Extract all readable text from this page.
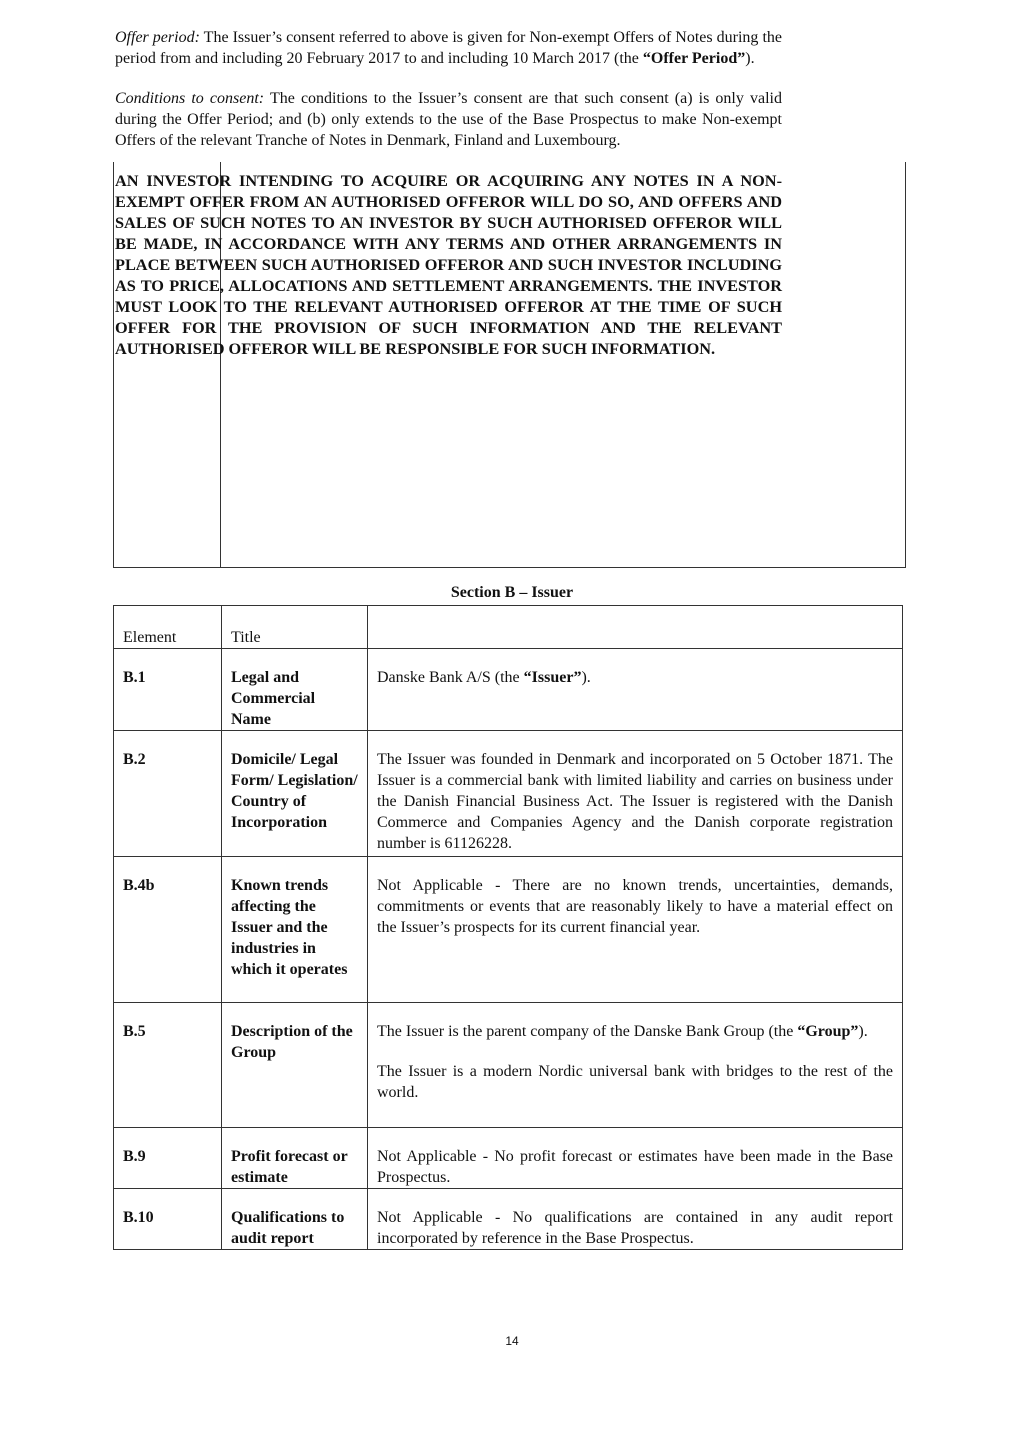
Offer period: The Issuer’s consent referred to above is given for Non-exempt Offers of Notes during the period from and including 20 February 2017 to and including 10 March 2017 (the “Offer Period”).

Conditions to consent: The conditions to the Issuer’s consent are that such consent (a) is only valid during the Offer Period; and (b) only extends to the use of the Base Prospectus to make Non-exempt Offers of the relevant Tranche of Notes in Denmark, Finland and Luxembourg.

AN INVESTOR INTENDING TO ACQUIRE OR ACQUIRING ANY NOTES IN A NON-EXEMPT OFFER FROM AN AUTHORISED OFFEROR WILL DO SO, AND OFFERS AND SALES OF SUCH NOTES TO AN INVESTOR BY SUCH AUTHORISED OFFEROR WILL BE MADE, IN ACCORDANCE WITH ANY TERMS AND OTHER ARRANGEMENTS IN PLACE BETWEEN SUCH AUTHORISED OFFEROR AND SUCH INVESTOR INCLUDING AS TO PRICE, ALLOCATIONS AND SETTLEMENT ARRANGEMENTS. THE INVESTOR MUST LOOK TO THE RELEVANT AUTHORISED OFFEROR AT THE TIME OF SUCH OFFER FOR THE PROVISION OF SUCH INFORMATION AND THE RELEVANT AUTHORISED OFFEROR WILL BE RESPONSIBLE FOR SUCH INFORMATION.

Section B – Issuer
Element	Title	
B.1	Legal and Commercial Name	Danske Bank A/S (the “Issuer”).
B.2	Domicile/ Legal Form/ Legislation/ Country of Incorporation	The Issuer was founded in Denmark and incorporated on 5 October 1871. The Issuer is a commercial bank with limited liability and carries on business under the Danish Financial Business Act. The Issuer is registered with the Danish Commerce and Companies Agency and the Danish corporate registration number is 61126228.
B.4b	Known trends affecting the Issuer and the industries in which it operates	Not Applicable - There are no known trends, uncertainties, demands, commitments or events that are reasonably likely to have a material effect on the Issuer’s prospects for its current financial year.
B.5	Description of the Group	The Issuer is the parent company of the Danske Bank Group (the “Group”).

The Issuer is a modern Nordic universal bank with bridges to the rest of the world.

B.9	Profit forecast or estimate	Not Applicable - No profit forecast or estimates have been made in the Base Prospectus.
B.10	Qualifications to audit report	Not Applicable - No qualifications are contained in any audit report incorporated by reference in the Base Prospectus.
14
